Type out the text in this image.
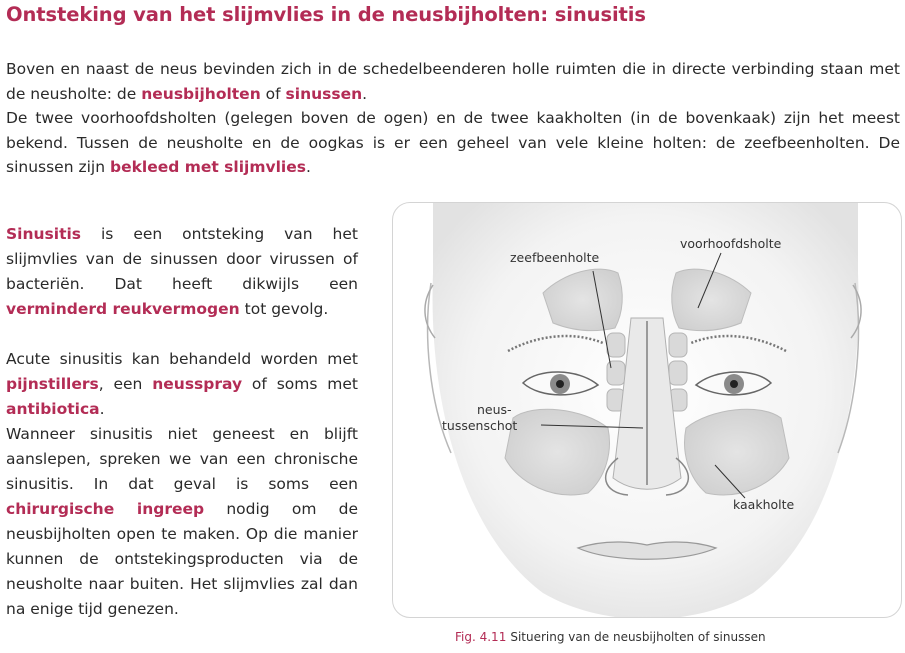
Ontsteking van het slijmvlies in de neusbijholten: sinusitis

Boven en naast de neus bevinden zich in de schedelbeenderen holle ruimten die in directe verbinding staan met de neusholte: de neusbijholten of sinussen.

De twee voorhoofdsholten (gelegen boven de ogen) en de twee kaakholten (in de bovenkaak) zijn het meest bekend. Tussen de neusholte en de oogkas is er een geheel van vele kleine holten: de zeefbeenholten. De sinussen zijn bekleed met slijmvlies.

Sinusitis is een ontsteking van het slijmvlies van de sinussen door virussen of bacteriën. Dat heeft dikwijls een verminderd reukvermogen tot gevolg.

Acute sinusitis kan behandeld worden met pijnstillers, een neusspray of soms met antibiotica.

Wanneer sinusitis niet geneest en blijft aanslepen, spreken we van een chronische sinusitis. In dat geval is soms een chirurgische ingreep nodig om de neusbijholten open te maken. Op die manier kunnen de ontstekingsproducten via de neusholte naar buiten. Het slijmvlies zal dan na enige tijd genezen.

zeefbeenholte
voorhoofdsholte
neus-
tussenschot
kaakholte
Fig. 4.11 Situering van de neusbijholten of sinussen
